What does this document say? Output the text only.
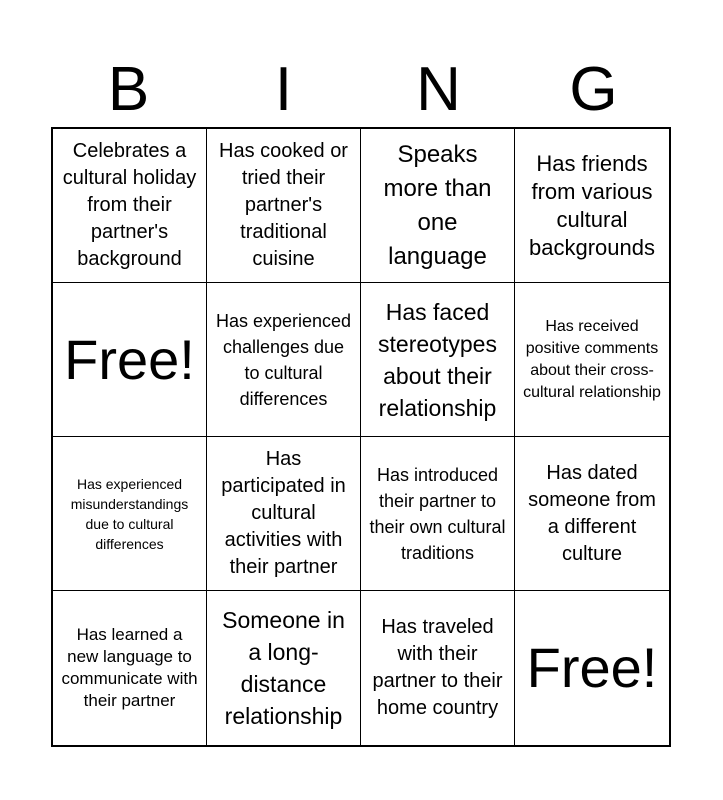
B	I	N	G
Celebrates a cultural holiday from their partner's background
Has cooked or tried their partner's traditional cuisine
Speaks more than one language
Has friends from various cultural backgrounds
Free!
Has experienced challenges due to cultural differences
Has faced stereotypes about their relationship
Has received positive comments about their cross-cultural relationship
Has experienced misunderstandings due to cultural differences
Has participated in cultural activities with their partner
Has introduced their partner to their own cultural traditions
Has dated someone from a different culture
Has learned a new language to communicate with their partner
Someone in a long-distance relationship
Has traveled with their partner to their home country
Free!
